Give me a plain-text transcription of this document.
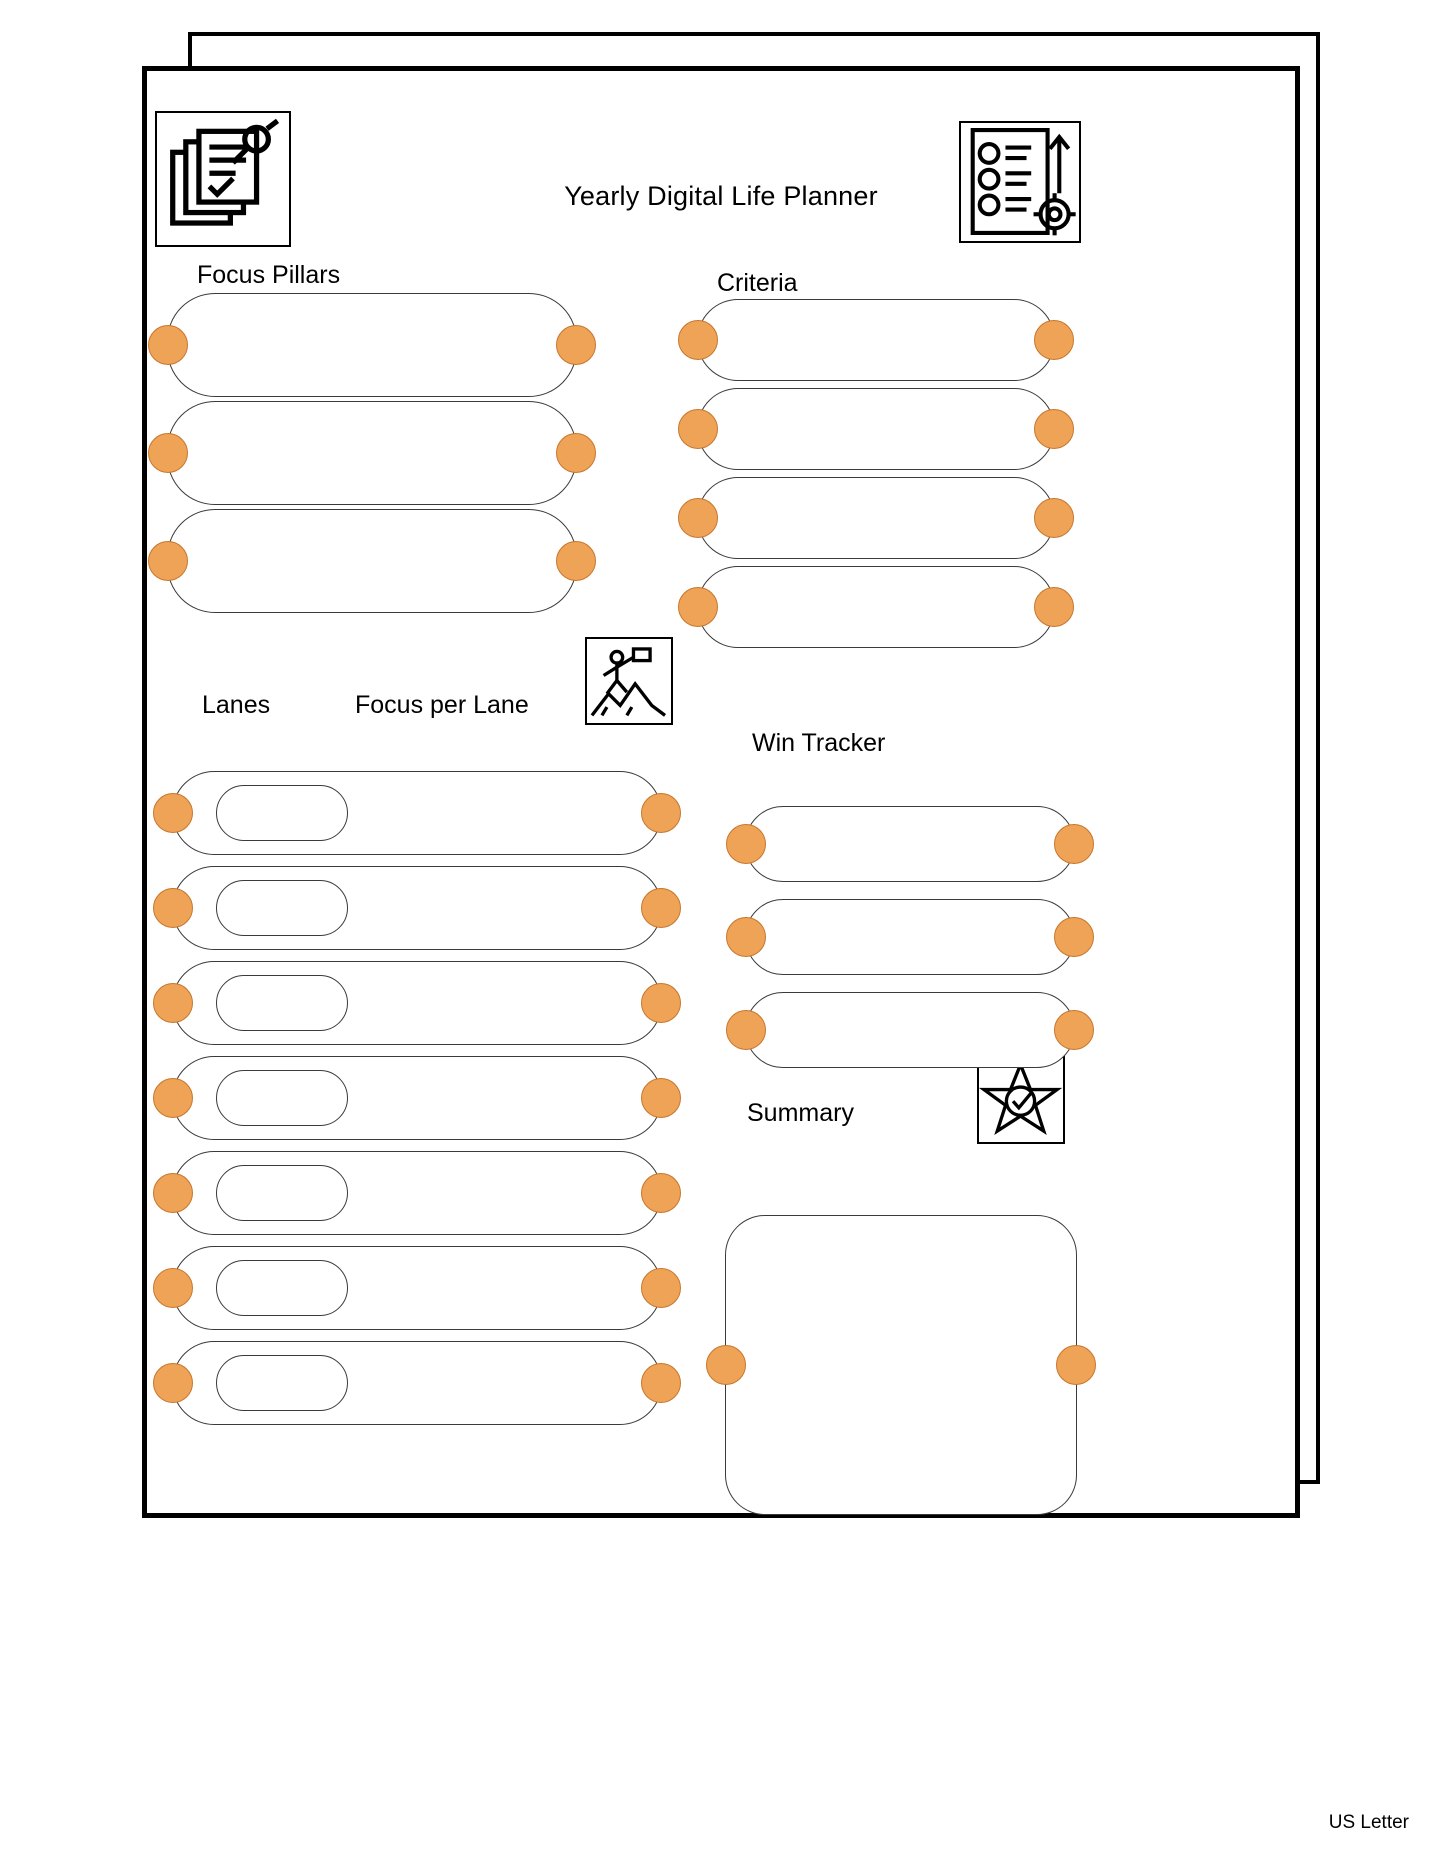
Yearly Digital Life Planner
Focus Pillars	Criteria
Lanes	Focus per Lane
Win Tracker
Summary
US Letter
